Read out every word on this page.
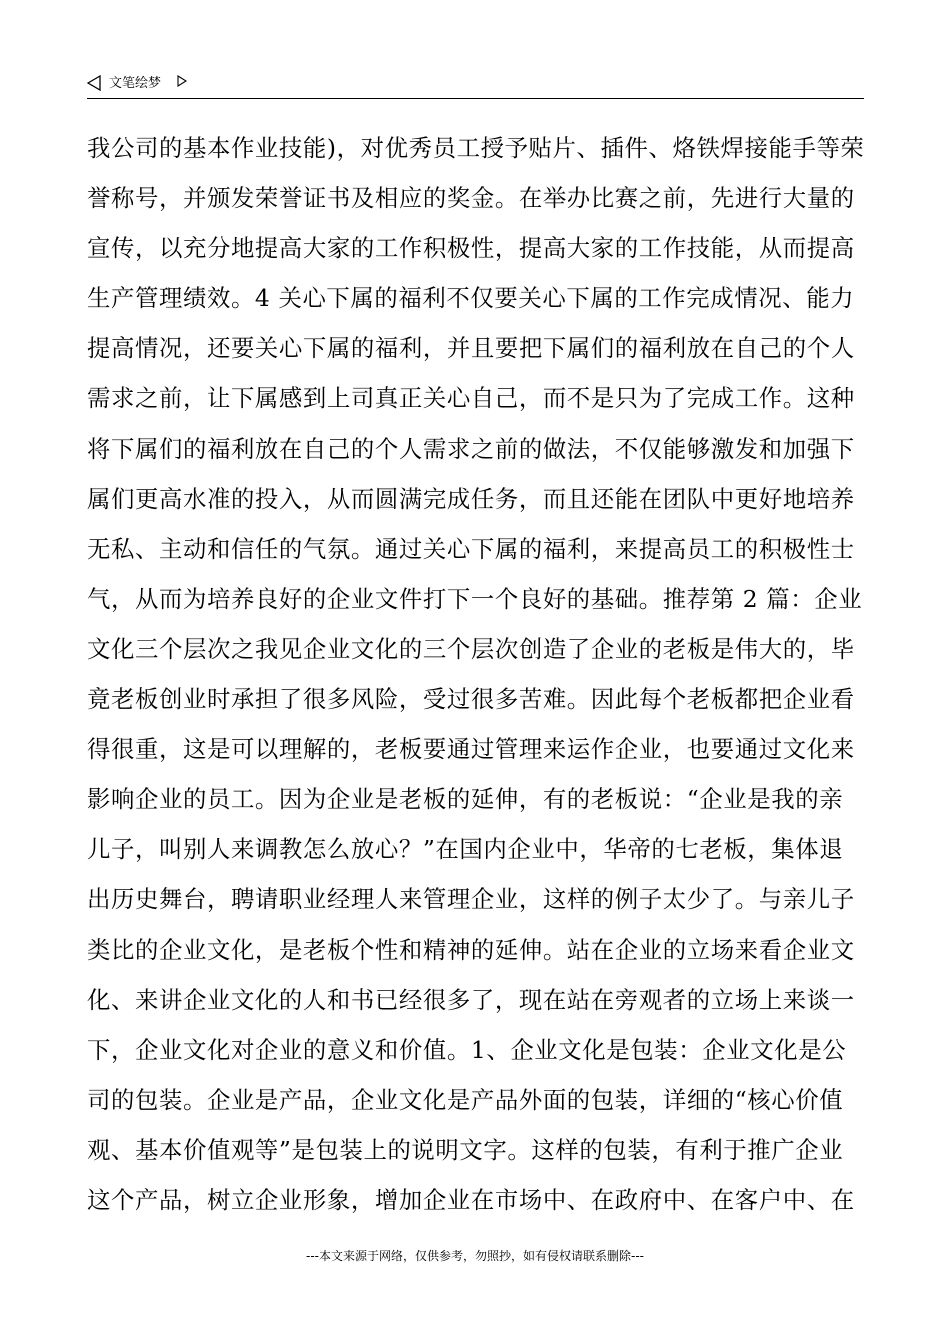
文笔绘梦
我公司的基本作业技能)，对优秀员工授予贴片、插件、烙铁焊接能手等荣
誉称号，并颁发荣誉证书及相应的奖金。在举办比赛之前，先进行大量的
宣传，以充分地提高大家的工作积极性，提高大家的工作技能，从而提高
生产管理绩效。4 关心下属的福利不仅要关心下属的工作完成情况、能力
提高情况，还要关心下属的福利，并且要把下属们的福利放在自己的个人
需求之前，让下属感到上司真正关心自己，而不是只为了完成工作。这种
将下属们的福利放在自己的个人需求之前的做法，不仅能够激发和加强下
属们更高水准的投入，从而圆满完成任务，而且还能在团队中更好地培养
无私、主动和信任的气氛。通过关心下属的福利，来提高员工的积极性士
气，从而为培养良好的企业文件打下一个良好的基础。推荐第 2 篇：企业
文化三个层次之我见企业文化的三个层次创造了企业的老板是伟大的，毕
竟老板创业时承担了很多风险，受过很多苦难。因此每个老板都把企业看
得很重，这是可以理解的，老板要通过管理来运作企业，也要通过文化来
影响企业的员工。因为企业是老板的延伸，有的老板说：“企业是我的亲
儿子，叫别人来调教怎么放心？”在国内企业中，华帝的七老板，集体退
出历史舞台，聘请职业经理人来管理企业，这样的例子太少了。与亲儿子
类比的企业文化，是老板个性和精神的延伸。站在企业的立场来看企业文
化、来讲企业文化的人和书已经很多了，现在站在旁观者的立场上来谈一
下，企业文化对企业的意义和价值。1、企业文化是包装：企业文化是公
司的包装。企业是产品，企业文化是产品外面的包装，详细的“核心价值
观、基本价值观等”是包装上的说明文字。这样的包装，有利于推广企业
这个产品，树立企业形象，增加企业在市场中、在政府中、在客户中、在
---本文来源于网络，仅供参考，勿照抄，如有侵权请联系删除---
